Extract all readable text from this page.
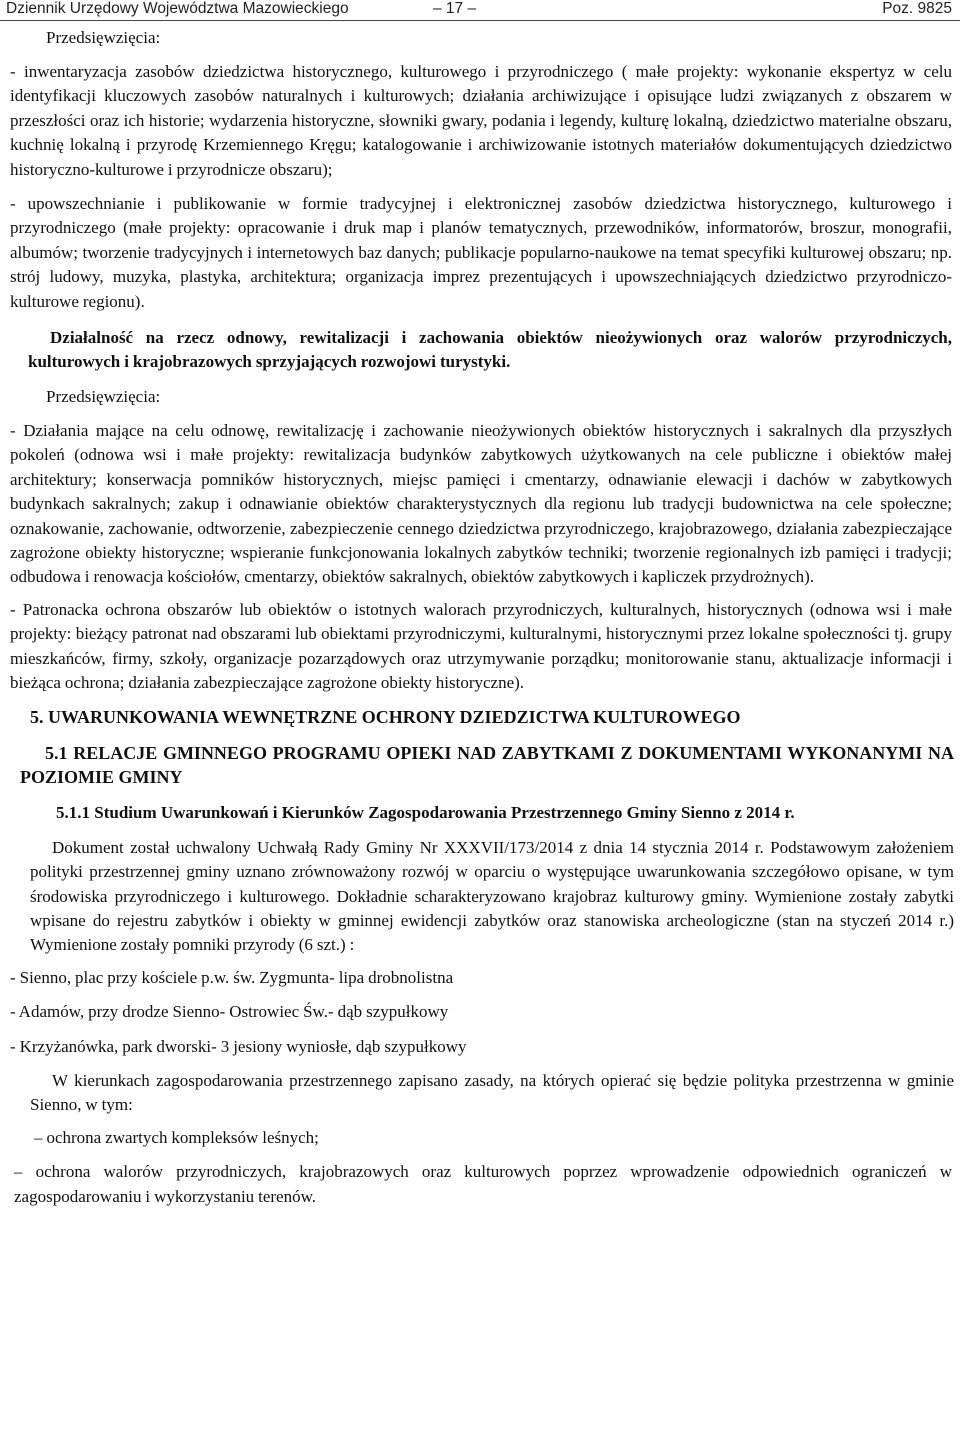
Dziennik Urzędowy Województwa Mazowieckiego	– 17 –	Poz. 9825
Przedsięwzięcia:
- inwentaryzacja zasobów dziedzictwa historycznego, kulturowego i przyrodniczego ( małe projekty: wykonanie ekspertyz w celu identyfikacji kluczowych zasobów naturalnych i kulturowych; działania archiwizujące i opisujące ludzi związanych z obszarem w przeszłości oraz ich historie; wydarzenia historyczne, słowniki gwary, podania i legendy, kulturę lokalną, dziedzictwo materialne obszaru, kuchnię lokalną i przyrodę Krzemiennego Kręgu; katalogowanie i archiwizowanie istotnych materiałów dokumentujących dziedzictwo historyczno-kulturowe i przyrodnicze obszaru);
- upowszechnianie i publikowanie w formie tradycyjnej i elektronicznej zasobów dziedzictwa historycznego, kulturowego i przyrodniczego (małe projekty: opracowanie i druk map i planów tematycznych, przewodników, informatorów, broszur, monografii, albumów; tworzenie tradycyjnych i internetowych baz danych; publikacje popularno-naukowe na temat specyfiki kulturowej obszaru; np. strój ludowy, muzyka, plastyka, architektura; organizacja imprez prezentujących i upowszechniających dziedzictwo przyrodniczo-kulturowe regionu).
Działalność na rzecz odnowy, rewitalizacji i zachowania obiektów nieożywionych oraz walorów przyrodniczych, kulturowych i krajobrazowych sprzyjających rozwojowi turystyki.
Przedsięwzięcia:
- Działania mające na celu odnowę, rewitalizację i zachowanie nieożywionych obiektów historycznych i sakralnych dla przyszłych pokoleń (odnowa wsi i małe projekty: rewitalizacja budynków zabytkowych użytkowanych na cele publiczne i obiektów małej architektury; konserwacja pomników historycznych, miejsc pamięci i cmentarzy, odnawianie elewacji i dachów w zabytkowych budynkach sakralnych; zakup i odnawianie obiektów charakterystycznych dla regionu lub tradycji budownictwa na cele społeczne; oznakowanie, zachowanie, odtworzenie, zabezpieczenie cennego dziedzictwa przyrodniczego, krajobrazowego, działania zabezpieczające zagrożone obiekty historyczne; wspieranie funkcjonowania lokalnych zabytków techniki; tworzenie regionalnych izb pamięci i tradycji; odbudowa i renowacja kościołów, cmentarzy, obiektów sakralnych, obiektów zabytkowych i kapliczek przydrożnych).
- Patronacka ochrona obszarów lub obiektów o istotnych walorach przyrodniczych, kulturalnych, historycznych (odnowa wsi i małe projekty: bieżący patronat nad obszarami lub obiektami przyrodniczymi, kulturalnymi, historycznymi przez lokalne społeczności tj. grupy mieszkańców, firmy, szkoły, organizacje pozarządowych oraz utrzymywanie porządku; monitorowanie stanu, aktualizacje informacji i bieżąca ochrona; działania zabezpieczające zagrożone obiekty historyczne).
5. UWARUNKOWANIA WEWNĘTRZNE OCHRONY DZIEDZICTWA KULTUROWEGO
5.1 RELACJE GMINNEGO PROGRAMU OPIEKI NAD ZABYTKAMI Z DOKUMENTAMI WYKONANYMI NA POZIOMIE GMINY
5.1.1 Studium Uwarunkowań i Kierunków Zagospodarowania Przestrzennego Gminy Sienno z 2014 r.
Dokument został uchwalony Uchwałą Rady Gminy Nr XXXVII/173/2014 z dnia 14 stycznia 2014 r. Podstawowym założeniem polityki przestrzennej gminy uznano zrównoważony rozwój w oparciu o występujące uwarunkowania szczegółowo opisane, w tym środowiska przyrodniczego i kulturowego. Dokładnie scharakteryzowano krajobraz kulturowy gminy. Wymienione zostały zabytki wpisane do rejestru zabytków i obiekty w gminnej ewidencji zabytków oraz stanowiska archeologiczne (stan na styczeń 2014 r.) Wymienione zostały pomniki przyrody (6 szt.) :
- Sienno, plac przy kościele p.w. św. Zygmunta- lipa drobnolistna
- Adamów, przy drodze Sienno- Ostrowiec Św.- dąb szypułkowy
- Krzyżanówka, park dworski- 3 jesiony wyniosłe, dąb szypułkowy
W kierunkach zagospodarowania przestrzennego zapisano zasady, na których opierać się będzie polityka przestrzenna w gminie Sienno, w tym:
– ochrona zwartych kompleksów leśnych;
– ochrona walorów przyrodniczych, krajobrazowych oraz kulturowych poprzez wprowadzenie odpowiednich ograniczeń w zagospodarowaniu i wykorzystaniu terenów.
